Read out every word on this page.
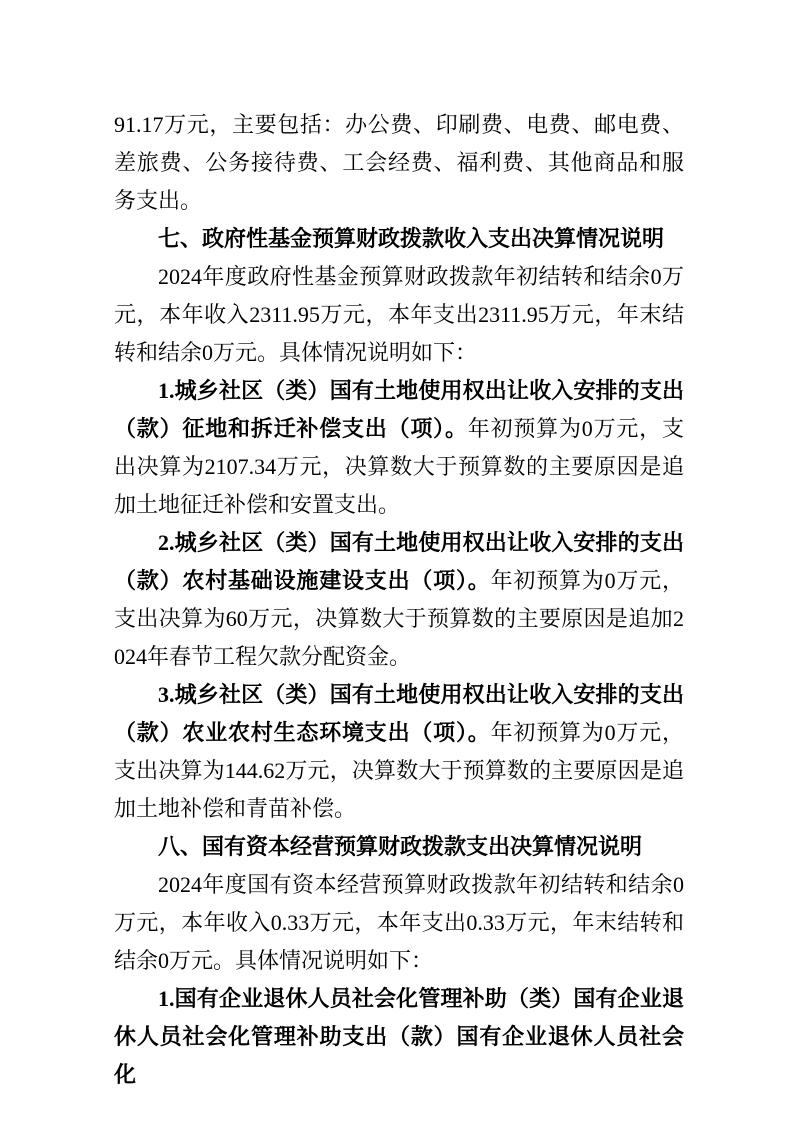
91.17万元，主要包括：办公费、印刷费、电费、邮电费、差旅费、公务接待费、工会经费、福利费、其他商品和服务支出。

七、政府性基金预算财政拨款收入支出决算情况说明

2024年度政府性基金预算财政拨款年初结转和结余0万元，本年收入2311.95万元，本年支出2311.95万元，年末结转和结余0万元。具体情况说明如下：

1.城乡社区（类）国有土地使用权出让收入安排的支出（款）征地和拆迁补偿支出（项）。年初预算为0万元，支出决算为2107.34万元，决算数大于预算数的主要原因是追加土地征迁补偿和安置支出。

2.城乡社区（类）国有土地使用权出让收入安排的支出（款）农村基础设施建设支出（项）。年初预算为0万元，支出决算为60万元，决算数大于预算数的主要原因是追加2024年春节工程欠款分配资金。

3.城乡社区（类）国有土地使用权出让收入安排的支出（款）农业农村生态环境支出（项）。年初预算为0万元，支出决算为144.62万元，决算数大于预算数的主要原因是追加土地补偿和青苗补偿。

八、国有资本经营预算财政拨款支出决算情况说明

2024年度国有资本经营预算财政拨款年初结转和结余0万元，本年收入0.33万元，本年支出0.33万元，年末结转和结余0万元。具体情况说明如下：

1.国有企业退休人员社会化管理补助（类）国有企业退休人员社会化管理补助支出（款）国有企业退休人员社会化
